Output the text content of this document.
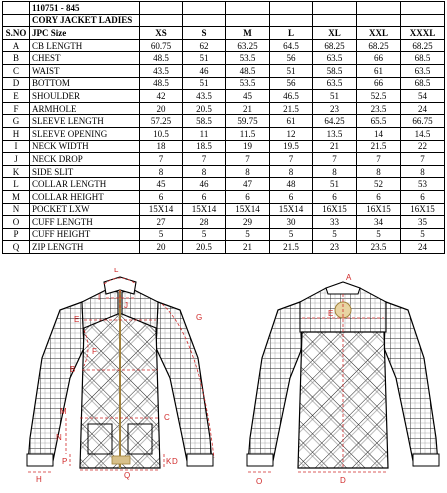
	110751 - 845							
	CORY JACKET LADIES							
S.NO	JPC Size	XS	S	M	L	XL	XXL	XXXL
A	CB LENGTH	60.75	62	63.25	64.5	68.25	68.25	68.25
B	CHEST	48.5	51	53.5	56	63.5	66	68.5
C	WAIST	43.5	46	48.5	51	58.5	61	63.5
D	BOTTOM	48.5	51	53.5	56	63.5	66	68.5
E	SHOULDER	42	43.5	45	46.5	51	52.5	54
F	ARMHOLE	20	20.5	21	21.5	23	23.5	24
G	SLEEVE LENGTH	57.25	58.5	59.75	61	64.25	65.5	66.75
H	SLEEVE OPENING	10.5	11	11.5	12	13.5	14	14.5
I	NECK WIDTH	18	18.5	19	19.5	21	21.5	22
J	NECK DROP	7	7	7	7	7	7	7
K	SIDE SLIT	8	8	8	8	8	8	8
L	COLLAR LENGTH	45	46	47	48	51	52	53
M	COLLAR HEIGHT	6	6	6	6	6	6	6
N	POCKET LXW	15X14	15X14	15X14	15X14	16X15	16X15	16X15
O	CUFF LENGTH	27	28	29	30	33	34	35
P	CUFF HEIGHT	5	5	5	5	5	5	5
Q	ZIP LENGTH	20	20.5	21	21.5	23	23.5	24
L
G
I
J
E
F
B
M
N
C
D
P
H
K
Q
A
E
D
O
